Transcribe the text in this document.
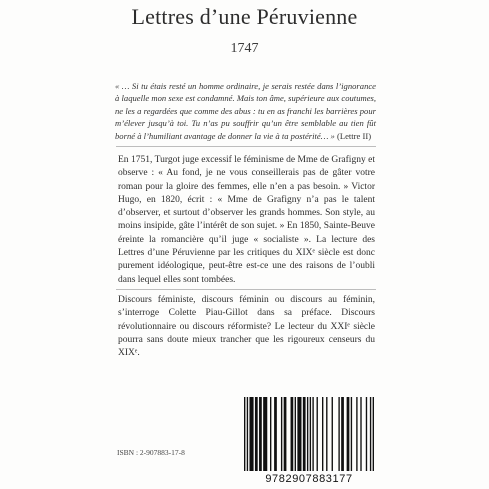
Lettres d’une Péruvienne
1747

« … Si tu étais resté un homme ordinaire, je serais restée dans l’ignorance à laquelle mon sexe est condamné. Mais ton âme, supérieure aux coutumes, ne les a regardées que comme des abus : tu en as franchi les barrières pour m’élever jusqu’à toi. Tu n’as pu souffrir qu’un être semblable au tien fût borné à l’humiliant avantage de donner la vie à ta postérité… » (Lettre II)

En 1751, Turgot juge excessif le féminisme de Mme de Grafigny et observe : « Au fond, je ne vous conseillerais pas de gâter votre roman pour la gloire des femmes, elle n’en a pas besoin. » Victor Hugo, en 1820, écrit : « Mme de Grafigny n’a pas le talent d’observer, et surtout d’observer les grands hommes. Son style, au moins insipide, gâte l’intérêt de son sujet. » En 1850, Sainte-Beuve éreinte la romancière qu’il juge « socialiste ». La lecture des Lettres d’une Péruvienne par les critiques du XIXᵉ siècle est donc purement idéologique, peut-être est-ce une des raisons de l’oubli dans lequel elles sont tombées.

Discours féministe, discours féminin ou discours au féminin, s’interroge Colette Piau-Gillot dans sa préface. Discours révolutionnaire ou discours réformiste? Le lecteur du XXIᵉ siècle pourra sans doute mieux trancher que les rigoureux censeurs du XIXᵉ.

ISBN : 2-907883-17-8
9782907883177
